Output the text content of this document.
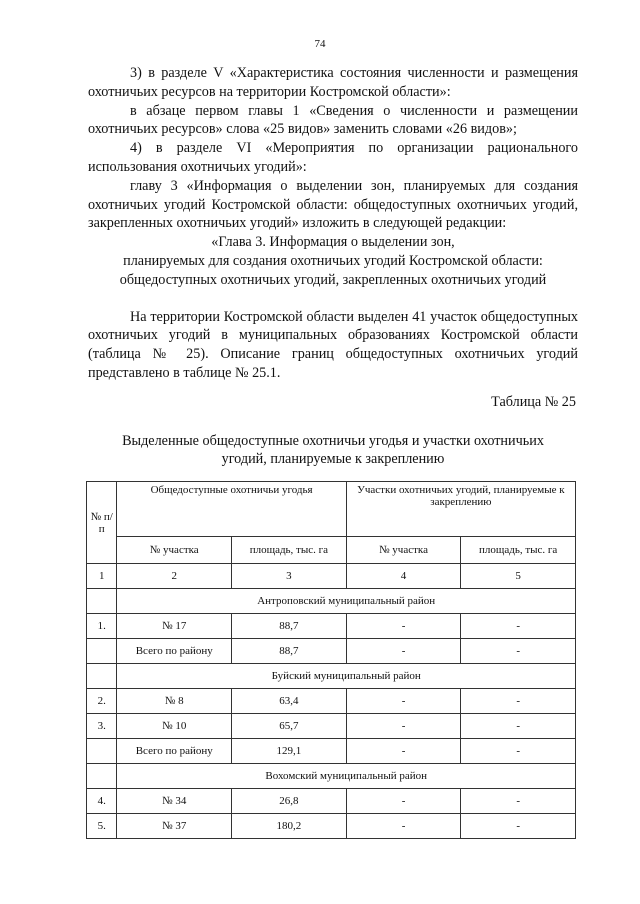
74

3) в разделе V «Характеристика состояния численности и размещения охотничьих ресурсов на территории Костромской области»:

в абзаце первом главы 1 «Сведения о численности и размещении охотничьих ресурсов» слова «25 видов» заменить словами «26 видов»;

4) в разделе VI «Мероприятия по организации рационального использования охотничьих угодий»:

главу 3 «Информация о выделении зон, планируемых для создания охотничьих угодий Костромской области: общедоступных охотничьих угодий, закрепленных охотничьих угодий» изложить в следующей редакции:

«Глава 3. Информация о выделении зон,
планируемых для создания охотничьих угодий Костромской области:
общедоступных охотничьих угодий, закрепленных охотничьих угодий

На территории Костромской области выделен 41 участок общедоступных охотничьих угодий в муниципальных образованиях Костромской области (таблица № 25). Описание границ общедоступных охотничьих угодий представлено в таблице № 25.1.

Таблица № 25
Выделенные общедоступные охотничьи угодья и участки охотничьих
угодий, планируемые к закреплению
№ п/п	Общедоступные охотничьи угодья		Участки охотничьих угодий, планируемые к закреплению	
	№ участка	площадь, тыс. га	№ участка	площадь, тыс. га
1	2	3	4	5
	Антроповский муниципальный район			
1.	№ 17	88,7	-	-
	Всего по району	88,7	-	-
	Буйский муниципальный район			
2.	№ 8	63,4	-	-
3.	№ 10	65,7	-	-
	Всего по району	129,1	-	-
	Вохомский муниципальный район			
4.	№ 34	26,8	-	-
5.	№ 37	180,2	-	-
